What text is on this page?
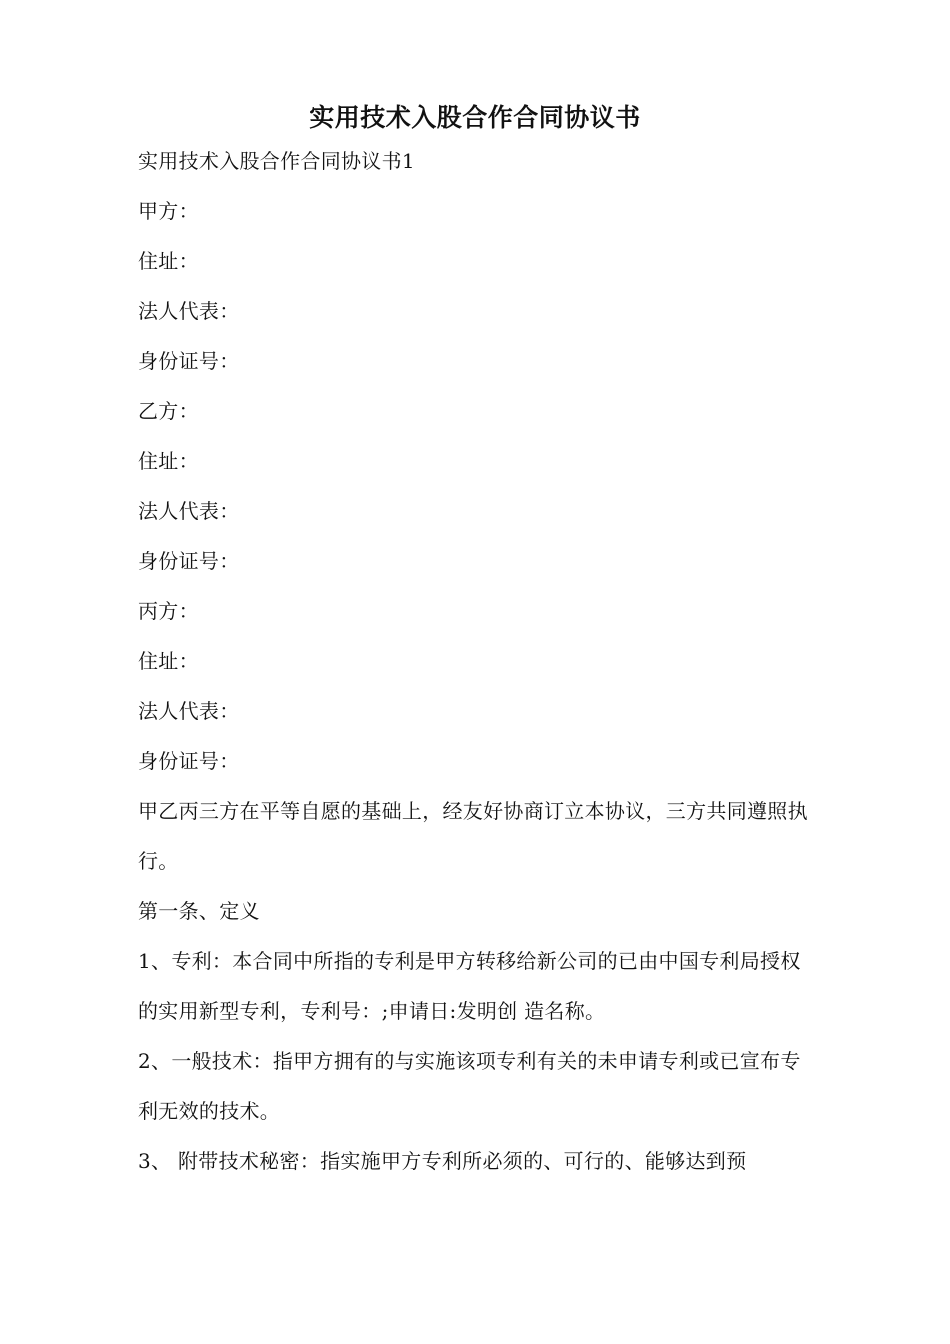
实用技术入股合作合同协议书

实用技术入股合作合同协议书1

甲方：

住址：

法人代表：

身份证号：

乙方：

住址：

法人代表：

身份证号：

丙方：

住址：

法人代表：

身份证号：

甲乙丙三方在平等自愿的基础上，经友好协商订立本协议，三方共同遵照执行。

第一条、定义

1、专利：本合同中所指的专利是甲方转移给新公司的已由中国专利局授权的实用新型专利，专利号：;申请日:发明创 造名称。

2、一般技术：指甲方拥有的与实施该项专利有关的未申请专利或已宣布专利无效的技术。

3、 附带技术秘密：指实施甲方专利所必须的、可行的、能够达到预
